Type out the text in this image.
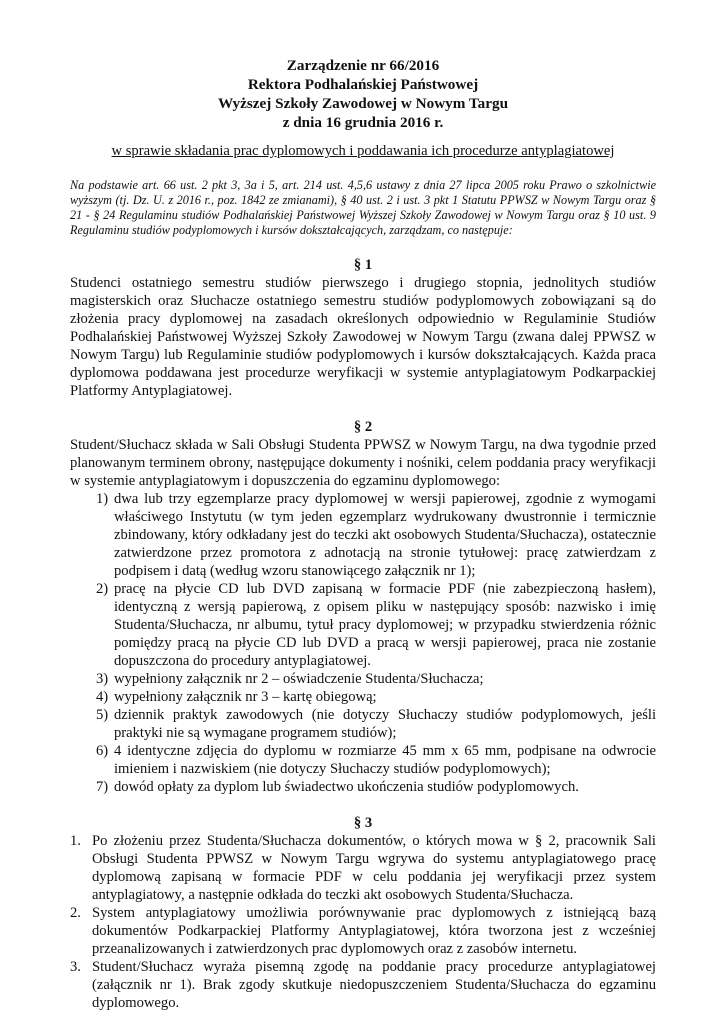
Zarządzenie nr 66/2016
Rektora Podhalańskiej Państwowej
Wyższej Szkoły Zawodowej w Nowym Targu
z dnia 16 grudnia 2016 r.
w sprawie składania prac dyplomowych i poddawania ich procedurze antyplagiatowej
Na podstawie art. 66 ust. 2 pkt 3, 3a i 5, art. 214 ust. 4,5,6 ustawy z dnia 27 lipca 2005 roku Prawo o szkolnictwie wyższym (tj. Dz. U. z 2016 r., poz. 1842 ze zmianami), § 40 ust. 2 i ust. 3 pkt 1 Statutu PPWSZ w Nowym Targu oraz § 21 - § 24 Regulaminu studiów Podhalańskiej Państwowej Wyższej Szkoły Zawodowej w Nowym Targu oraz § 10 ust. 9 Regulaminu studiów podyplomowych i kursów dokształcających, zarządzam, co następuje:
§ 1
Studenci ostatniego semestru studiów pierwszego i drugiego stopnia, jednolitych studiów magisterskich oraz Słuchacze ostatniego semestru studiów podyplomowych zobowiązani są do złożenia pracy dyplomowej na zasadach określonych odpowiednio w Regulaminie Studiów Podhalańskiej Państwowej Wyższej Szkoły Zawodowej w Nowym Targu (zwana dalej PPWSZ w Nowym Targu) lub Regulaminie studiów podyplomowych i kursów dokształcających. Każda praca dyplomowa poddawana jest procedurze weryfikacji w systemie antyplagiatowym Podkarpackiej Platformy Antyplagiatowej.
§ 2
Student/Słuchacz składa w Sali Obsługi Studenta PPWSZ w Nowym Targu, na dwa tygodnie przed planowanym terminem obrony, następujące dokumenty i nośniki, celem poddania pracy weryfikacji w systemie antyplagiatowym i dopuszczenia do egzaminu dyplomowego:
1) dwa lub trzy egzemplarze pracy dyplomowej w wersji papierowej, zgodnie z wymogami właściwego Instytutu (w tym jeden egzemplarz wydrukowany dwustronnie i termicznie zbindowany, który odkładany jest do teczki akt osobowych Studenta/Słuchacza), ostatecznie zatwierdzone przez promotora z adnotacją na stronie tytułowej: pracę zatwierdzam z podpisem i datą (według wzoru stanowiącego załącznik nr 1);
2) pracę na płycie CD lub DVD zapisaną w formacie PDF (nie zabezpieczoną hasłem), identyczną z wersją papierową, z opisem pliku w następujący sposób: nazwisko i imię Studenta/Słuchacza, nr albumu, tytuł pracy dyplomowej; w przypadku stwierdzenia różnic pomiędzy pracą na płycie CD lub DVD a pracą w wersji papierowej, praca nie zostanie dopuszczona do procedury antyplagiatowej.
3) wypełniony załącznik nr 2 – oświadczenie Studenta/Słuchacza;
4) wypełniony załącznik nr 3 – kartę obiegową;
5) dziennik praktyk zawodowych (nie dotyczy Słuchaczy studiów podyplomowych, jeśli praktyki nie są wymagane programem studiów);
6) 4 identyczne zdjęcia do dyplomu w rozmiarze 45 mm x 65 mm, podpisane na odwrocie imieniem i nazwiskiem (nie dotyczy Słuchaczy studiów podyplomowych);
7) dowód opłaty za dyplom lub świadectwo ukończenia studiów podyplomowych.
§ 3
1. Po złożeniu przez Studenta/Słuchacza dokumentów, o których mowa w § 2, pracownik Sali Obsługi Studenta PPWSZ w Nowym Targu wgrywa do systemu antyplagiatowego pracę dyplomową zapisaną w formacie PDF w celu poddania jej weryfikacji przez system antyplagiatowy, a następnie odkłada do teczki akt osobowych Studenta/Słuchacza.
2. System antyplagiatowy umożliwia porównywanie prac dyplomowych z istniejącą bazą dokumentów Podkarpackiej Platformy Antyplagiatowej, która tworzona jest z wcześniej przeanalizowanych i zatwierdzonych prac dyplomowych oraz z zasobów internetu.
3. Student/Słuchacz wyraża pisemną zgodę na poddanie pracy procedurze antyplagiatowej (załącznik nr 1). Brak zgody skutkuje niedopuszczeniem Studenta/Słuchacza do egzaminu dyplomowego.
